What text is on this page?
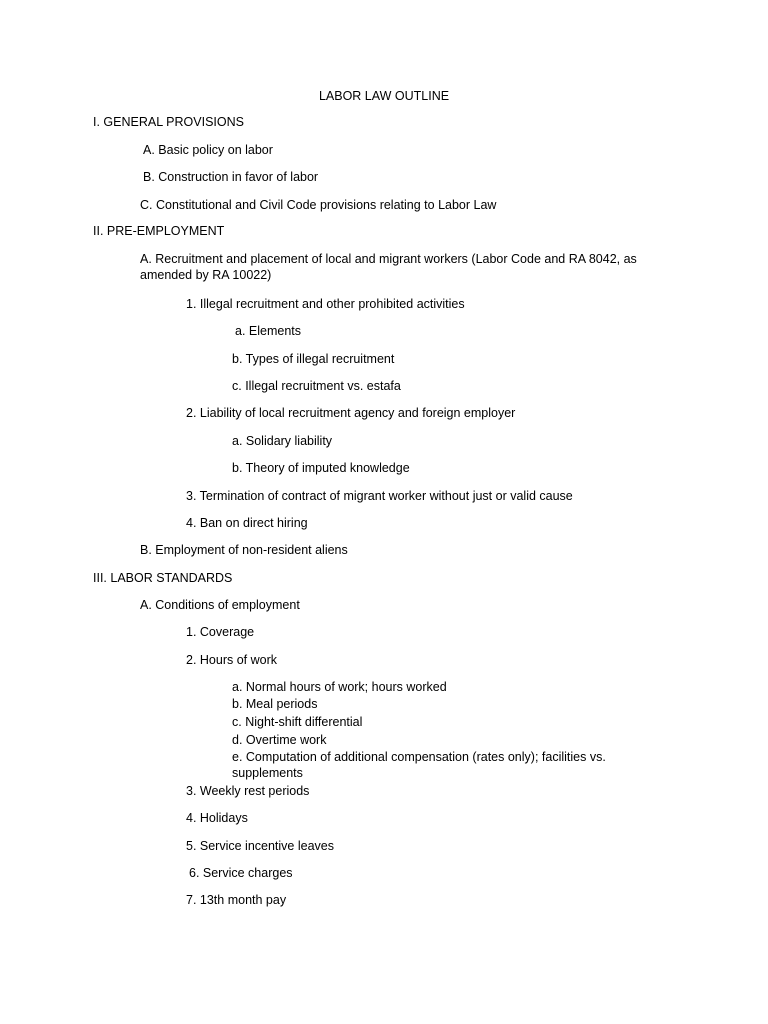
LABOR LAW OUTLINE
I. GENERAL PROVISIONS
A. Basic policy on labor
B. Construction in favor of labor
C. Constitutional and Civil Code provisions relating to Labor Law
II. PRE-EMPLOYMENT
A. Recruitment and placement of local and migrant workers (Labor Code and RA 8042, as amended by RA 10022)
1. Illegal recruitment and other prohibited activities
a. Elements
b. Types of illegal recruitment
c. Illegal recruitment vs. estafa
2. Liability of local recruitment agency and foreign employer
a. Solidary liability
b. Theory of imputed knowledge
3. Termination of contract of migrant worker without just or valid cause
4. Ban on direct hiring
B. Employment of non-resident aliens
III. LABOR STANDARDS
A. Conditions of employment
1. Coverage
2. Hours of work
a. Normal hours of work; hours worked
b. Meal periods
c. Night-shift differential
d. Overtime work
e. Computation of additional compensation (rates only); facilities vs. supplements
3. Weekly rest periods
4. Holidays
5. Service incentive leaves
6. Service charges
7. 13th month pay
